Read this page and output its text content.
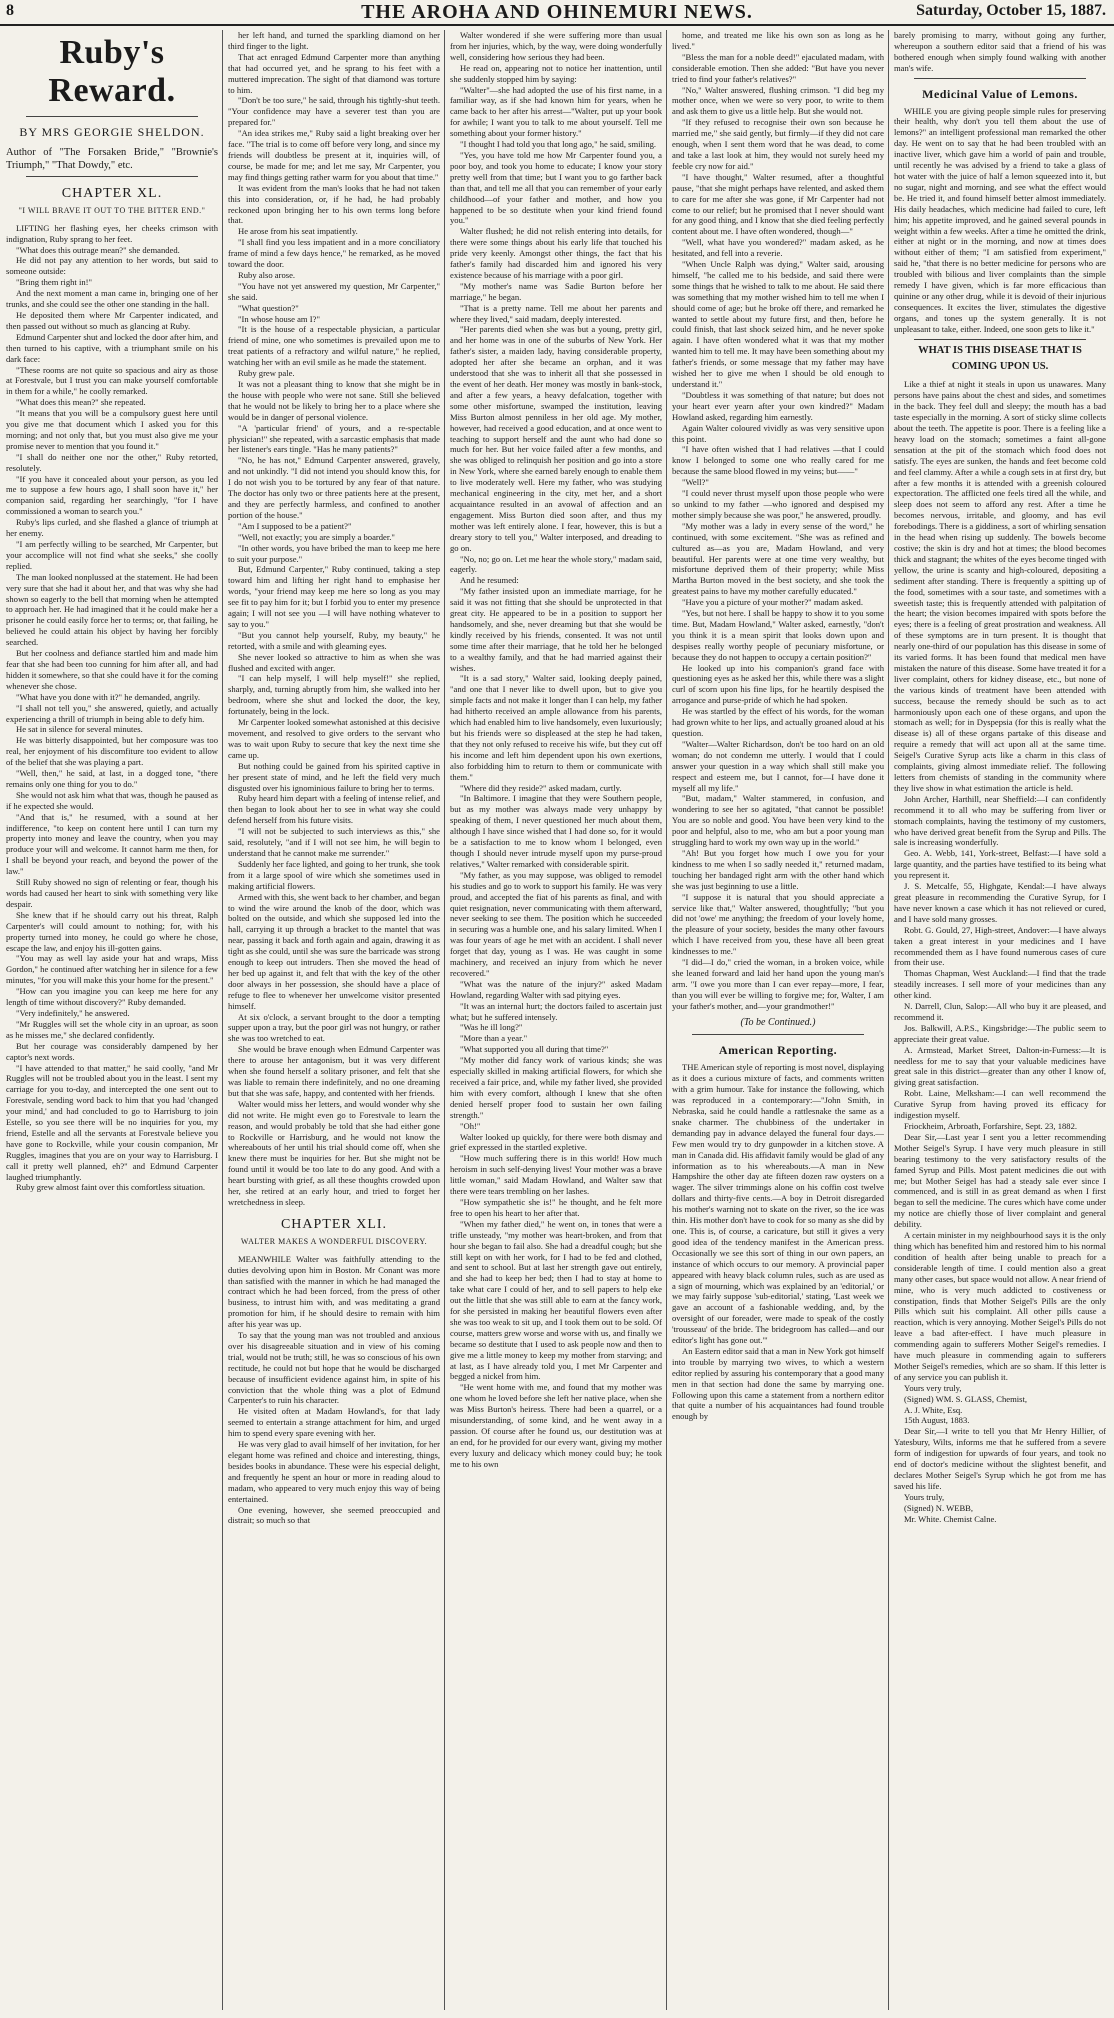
8	THE AROHA AND OHINEMURI NEWS.	Saturday, October 15, 1887.
Ruby's Reward.
BY MRS GEORGIE SHELDON.

Author of "The Forsaken Bride," "Brownie's Triumph," "That Dowdy," etc.

CHAPTER XL.
"I WILL BRAVE IT OUT TO THE BITTER END."

LIFTING her flashing eyes, her cheeks crimson with indignation, Ruby sprang to her feet.

"What does this outrage mean?" she demanded.

He did not pay any attention to her words, but said to someone outside:

"Bring them right in!"

And the next moment a man came in, bringing one of her trunks, and she could see the other one standing in the hall.

He deposited them where Mr Carpenter indicated, and then passed out without so much as glancing at Ruby.

Edmund Carpenter shut and locked the door after him, and then turned to his captive, with a triumphant smile on his dark face:

"These rooms are not quite so spacious and airy as those at Forestvale, but I trust you can make yourself comfortable in them for a while," he coolly remarked.

"What does this mean?" she repeated.

"It means that you will be a compulsory guest here until you give me that document which I asked you for this morning; and not only that, but you must also give me your promise never to mention that you found it."

"I shall do neither one nor the other," Ruby retorted, resolutely.

"If you have it concealed about your person, as you led me to suppose a few hours ago, I shall soon have it," her companion said, regarding her searchingly, "for I have commissioned a woman to search you."

Ruby's lips curled, and she flashed a glance of triumph at her enemy.

"I am perfectly willing to be searched, Mr Carpenter, but your accomplice will not find what she seeks," she coolly replied.

The man looked nonplussed at the statement. He had been very sure that she had it about her, and that was why she had shown so eagerly to the bell that morning when he attempted to approach her. He had imagined that it he could make her a prisoner he could easily force her to terms; or, that failing, he believed he could attain his object by having her forcibly searched.

But her coolness and defiance startled him and made him fear that she had been too cunning for him after all, and had hidden it somewhere, so that she could have it for the coming whenever she chose.

"What have you done with it?" he demanded, angrily.

"I shall not tell you," she answered, quietly, and actually experiencing a thrill of triumph in being able to defy him.

He sat in silence for several minutes.

He was bitterly disappointed, but her composure was too real, her enjoyment of his discomfiture too evident to allow of the belief that she was playing a part.

"Well, then," he said, at last, in a dogged tone, "there remains only one thing for you to do."

She would not ask him what that was, though he paused as if he expected she would.

"And that is," he resumed, with a sound at her indifference, "to keep on content here until I can turn my property into money and leave the country, when you may produce your will and welcome. It cannot harm me then, for I shall be beyond your reach, and beyond the power of the law."

Still Ruby showed no sign of relenting or fear, though his words had caused her heart to sink with something very like despair.

She knew that if he should carry out his threat, Ralph Carpenter's will could amount to nothing; for, with his property turned into money, he could go where he chose, escape the law, and enjoy his ill-gotten gains.

"You may as well lay aside your hat and wraps, Miss Gordon," he continued after watching her in silence for a few minutes, "for you will make this your home for the present."

"How can you imagine you can keep me here for any length of time without discovery?" Ruby demanded.

"Very indefinitely," he answered.

"Mr Ruggles will set the whole city in an uproar, as soon as he misses me," she declared confidently.

But her courage was considerably dampened by her captor's next words.

"I have attended to that matter," he said coolly, "and Mr Ruggles will not be troubled about you in the least. I sent my carriage for you to-day, and intercepted the one sent out to Forestvale, sending word back to him that you had 'changed your mind,' and had concluded to go to Harrisburg to join Estelle, so you see there will be no inquiries for you, my friend, Estelle and all the servants at Forestvale believe you have gone to Rockville, while your cousin companion, Mr Ruggles, imagines that you are on your way to Harrisburg. I call it pretty well planned, eh?" and Edmund Carpenter laughed triumphantly.

Ruby grew almost faint over this comfortless situation.

her left hand, and turned the sparkling diamond on her third finger to the light.

That act enraged Edmund Carpenter more than anything that had occurred yet, and he sprang to his feet with a muttered imprecation. The sight of that diamond was torture to him.

"Don't be too sure," he said, through his tightly-shut teeth. "Your confidence may have a severer test than you are prepared for."

"An idea strikes me," Ruby said a light breaking over her face. "The trial is to come off before very long, and since my friends will doubtless be present at it, inquiries will, of course, be made for me; and let me say, Mr Carpenter, you may find things getting rather warm for you about that time."

It was evident from the man's looks that he had not taken this into consideration, or, if he had, he had probably reckoned upon bringing her to his own terms long before that.

He arose from his seat impatiently.

"I shall find you less impatient and in a more conciliatory frame of mind a few days hence," he remarked, as he moved toward the door.

Ruby also arose.

"You have not yet answered my question, Mr Carpenter," she said.

"What question?"

"In whose house am I?"

"It is the house of a respectable physician, a particular friend of mine, one who sometimes is prevailed upon me to treat patients of a refractory and wilful nature," he replied, watching her with an evil smile as he made the statement.

Ruby grew pale.

It was not a pleasant thing to know that she might be in the house with people who were not sane. Still she believed that he would not be likely to bring her to a place where she would be in danger of personal violence.

"A 'particular friend' of yours, and a re-spectable physician!" she repeated, with a sarcastic emphasis that made her listener's ears tingle. "Has he many patients?"

"No, he has not," Edmund Carpenter answered, gravely, and not unkindly. "I did not intend you should know this, for I do not wish you to be tortured by any fear of that nature. The doctor has only two or three patients here at the present, and they are perfectly harmless, and confined to another portion of the house."

"Am I supposed to be a patient?"

"Well, not exactly; you are simply a boarder."

"In other words, you have bribed the man to keep me here to suit your purpose."

But, Edmund Carpenter," Ruby continued, taking a step toward him and lifting her right hand to emphasise her words, "your friend may keep me here so long as you may see fit to pay him for it; but I forbid you to enter my presence again; I will not see you —I will have nothing whatever to say to you."

"But you cannot help yourself, Ruby, my beauty," he retorted, with a smile and with gleaming eyes.

She never looked so attractive to him as when she was flushed and excited with anger.

"I can help myself, I will help myself!" she replied, sharply, and, turning abruptly from him, she walked into her bedroom, where she shut and locked the door, the key, fortunately, being in the lock.

Mr Carpenter looked somewhat astonished at this decisive movement, and resolved to give orders to the servant who was to wait upon Ruby to secure that key the next time she came up.

But nothing could be gained from his spirited captive in her present state of mind, and he left the field very much disgusted over his ignominious failure to bring her to terms.

Ruby heard him depart with a feeling of intense relief, and then began to look about her to see in what way she could defend herself from his future visits.

"I will not be subjected to such interviews as this," she said, resolutely, "and if I will not see him, he will begin to understand that he cannot make me surrender."

Suddenly her face lighted, and going to her trunk, she took from it a large spool of wire which she sometimes used in making artificial flowers.

Armed with this, she went back to her chamber, and began to wind the wire around the knob of the door, which was bolted on the outside, and which she supposed led into the hall, carrying it up through a bracket to the mantel that was near, passing it back and forth again and again, drawing it as tight as she could, until she was sure the barricade was strong enough to keep out intruders. Then she moved the head of her bed up against it, and felt that with the key of the other door always in her possession, she should have a place of refuge to flee to whenever her unwelcome visitor presented himself.

At six o'clock, a servant brought to the door a tempting supper upon a tray, but the poor girl was not hungry, or rather she was too wretched to eat.

She would be brave enough when Edmund Carpenter was there to arouse her antagonism, but it was very different when she found herself a solitary prisoner, and felt that she was liable to remain there indefinitely, and no one dreaming but that she was safe, happy, and contented with her friends.

Walter would miss her letters, and would wonder why she did not write. He might even go to Forestvale to learn the reason, and would probably be told that she had either gone to Rockville or Harrisburg, and he would not know the whereabouts of her until his trial should come off, when she knew there must be inquiries for her. But she might not be found until it would be too late to do any good. And with a heart bursting with grief, as all these thoughts crowded upon her, she retired at an early hour, and tried to forget her wretchedness in sleep.

CHAPTER XLI.
WALTER MAKES A WONDERFUL DISCOVERY.

MEANWHILE Walter was faithfully attending to the duties devolving upon him in Boston. Mr Conant was more than satisfied with the manner in which he had managed the contract which he had been forced, from the press of other business, to intrust him with, and was meditating a grand promotion for him, if he should desire to remain with him after his year was up.

To say that the young man was not troubled and anxious over his disagreeable situation and in view of his coming trial, would not be truth; still, he was so conscious of his own rectitude, he could not but hope that he would be discharged because of insufficient evidence against him, in spite of his conviction that the whole thing was a plot of Edmund Carpenter's to ruin his character.

He visited often at Madam Howland's, for that lady seemed to entertain a strange attachment for him, and urged him to spend every spare evening with her.

He was very glad to avail himself of her invitation, for her elegant home was refined and choice and interesting, things, besides books in abundance. These were his especial delight, and frequently he spent an hour or more in reading aloud to madam, who appeared to very much enjoy this way of being entertained.

One evening, however, she seemed preoccupied and distrait; so much so that

Walter wondered if she were suffering more than usual from her injuries, which, by the way, were doing wonderfully well, considering how serious they had been.

He read on, appearing not to notice her inattention, until she suddenly stopped him by saying:

"Walter"—she had adopted the use of his first name, in a familiar way, as if she had known him for years, when he came back to her after his arrest—"Walter, put up your book for awhile; I want you to talk to me about yourself. Tell me something about your former history."

"I thought I had told you that long ago," he said, smiling.

"Yes, you have told me how Mr Carpenter found you, a poor boy, and took you home to educate; I know your story pretty well from that time; but I want you to go farther back than that, and tell me all that you can remember of your early childhood—of your father and mother, and how you happened to be so destitute when your kind friend found you."

Walter flushed; he did not relish entering into details, for there were some things about his early life that touched his pride very keenly. Amongst other things, the fact that his father's family had discarded him and ignored his very existence because of his marriage with a poor girl.

"My mother's name was Sadie Burton before her marriage," he began.

"That is a pretty name. Tell me about her parents and where they lived," said madam, deeply interested.

"Her parents died when she was but a young, pretty girl, and her home was in one of the suburbs of New York. Her father's sister, a maiden lady, having considerable property, adopted her after she became an orphan, and it was understood that she was to inherit all that she possessed in the event of her death. Her money was mostly in bank-stock, and after a few years, a heavy defalcation, together with some other misfortune, swamped the institution, leaving Miss Burton almost penniless in her old age. My mother, however, had received a good education, and at once went to teaching to support herself and the aunt who had done so much for her. But her voice failed after a few months, and she was obliged to relinquish her position and go into a store in New York, where she earned barely enough to enable them to live moderately well. Here my father, who was studying mechanical engineering in the city, met her, and a short acquaintance resulted in an avowal of affection and an engagement. Miss Burton died soon after, and thus my mother was left entirely alone. I fear, however, this is but a dreary story to tell you," Walter interposed, and dreading to go on.

"No, no; go on. Let me hear the whole story," madam said, eagerly.

And he resumed:

"My father insisted upon an immediate marriage, for he said it was not fitting that she should be unprotected in that great city. He appeared to be in a position to support her handsomely, and she, never dreaming but that she would be kindly received by his friends, consented. It was not until some time after their marriage, that he told her he belonged to a wealthy family, and that he had married against their wishes.

"It is a sad story," Walter said, looking deeply pained, "and one that I never like to dwell upon, but to give you simple facts and not make it longer than I can help, my father had hitherto received an ample allowance from his parents, which had enabled him to live handsomely, even luxuriously; but his friends were so displeased at the step he had taken, that they not only refused to receive his wife, but they cut off his income and left him dependent upon his own exertions, also forbidding him to return to them or communicate with them."

"Where did they reside?" asked madam, curtly.

"In Baltimore. I imagine that they were Southern people, but as my mother was always made very unhappy by speaking of them, I never questioned her much about them, although I have since wished that I had done so, for it would be a satisfaction to me to know whom I belonged, even though I should never intrude myself upon my purse-proud relatives," Walter remarked with considerable spirit.

"My father, as you may suppose, was obliged to remodel his studies and go to work to support his family. He was very proud, and accepted the fiat of his parents as final, and with quiet resignation, never communicating with them afterward, never seeking to see them. The position which he succeeded in securing was a humble one, and his salary limited. When I was four years of age he met with an accident. I shall never forget that day, young as I was. He was caught in some machinery, and received an injury from which he never recovered."

"What was the nature of the injury?" asked Madam Howland, regarding Walter with sad pitying eyes.

"It was an internal hurt; the doctors failed to ascertain just what; but he suffered intensely.

"Was he ill long?"

"More than a year."

"What supported you all during that time?"

"My mother did fancy work of various kinds; she was especially skilled in making artificial flowers, for which she received a fair price, and, while my father lived, she provided him with every comfort, although I knew that she often denied herself proper food to sustain her own failing strength."

"Oh!"

Walter looked up quickly, for there were both dismay and grief expressed in the startled expletive.

"How much suffering there is in this world! How much heroism in such self-denying lives! Your mother was a brave little woman," said Madam Howland, and Walter saw that there were tears trembling on her lashes.

"How sympathetic she is!" he thought, and he felt more free to open his heart to her after that.

"When my father died," he went on, in tones that were a trifle unsteady, "my mother was heart-broken, and from that hour she began to fail also. She had a dreadful cough; but she still kept on with her work, for I had to be fed and clothed, and sent to school. But at last her strength gave out entirely, and she had to keep her bed; then I had to stay at home to take what care I could of her, and to sell papers to help eke out the little that she was still able to earn at the fancy work, for she persisted in making her beautiful flowers even after she was too weak to sit up, and I took them out to be sold. Of course, matters grew worse and worse with us, and finally we became so destitute that I used to ask people now and then to give me a little money to keep my mother from starving; and at last, as I have already told you, I met Mr Carpenter and begged a nickel from him.

"He went home with me, and found that my mother was one whom he loved before she left her native place, when she was Miss Burton's heiress. There had been a quarrel, or a misunderstanding, of some kind, and he went away in a passion. Of course after he found us, our destitution was at an end, for he provided for our every want, giving my mother every luxury and delicacy which money could buy; he took me to his own

home, and treated me like his own son as long as he lived."

"Bless the man for a noble deed!" ejaculated madam, with considerable emotion. Then she added: "But have you never tried to find your father's relatives?"

"No," Walter answered, flushing crimson. "I did beg my mother once, when we were so very poor, to write to them and ask them to give us a little help. But she would not.

"If they refused to recognise their own son because he married me," she said gently, but firmly—if they did not care enough, when I sent them word that he was dead, to come and take a last look at him, they would not surely heed my feeble cry now for aid."

"I have thought," Walter resumed, after a thoughtful pause, "that she might perhaps have relented, and asked them to care for me after she was gone, if Mr Carpenter had not come to our relief; but he promised that I never should want for any good thing, and I know that she died feeling perfectly content about me. I have often wondered, though—"

"Well, what have you wondered?" madam asked, as he hesitated, and fell into a reverie.

"When Uncle Ralph was dying," Walter said, arousing himself, "he called me to his bedside, and said there were some things that he wished to talk to me about. He said there was something that my mother wished him to tell me when I should come of age; but he broke off there, and remarked he wanted to settle about my future first, and then, before he could finish, that last shock seized him, and he never spoke again. I have often wondered what it was that my mother wanted him to tell me. It may have been something about my father's friends, or some message that my father may have wished her to give me when I should be old enough to understand it."

"Doubtless it was something of that nature; but does not your heart ever yearn after your own kindred?" Madam Howland asked, regarding him earnestly.

Again Walter coloured vividly as was very sensitive upon this point.

"I have often wished that I had relatives —that I could know I belonged to some one who really cared for me because the same blood flowed in my veins; but——"

"Well?"

"I could never thrust myself upon those people who were so unkind to my father —who ignored and despised my mother simply because she was poor," he answered, proudly.

"My mother was a lady in every sense of the word," he continued, with some excitement. "She was as refined and cultured as—as you are, Madam Howland, and very beautiful. Her parents were at one time very wealthy, but misfortune deprived them of their property; while Miss Martha Burton moved in the best society, and she took the greatest pains to have my mother carefully educated."

"Have you a picture of your mother?" madam asked.

"Yes, but not here. I shall be happy to show it to you some time. But, Madam Howland," Walter asked, earnestly, "don't you think it is a mean spirit that looks down upon and despises really worthy people of pecuniary misfortune, or because they do not happen to occupy a certain position?"

He looked up into his companion's grand face with questioning eyes as he asked her this, while there was a slight curl of scorn upon his fine lips, for he heartily despised the arrogance and purse-pride of which he had spoken.

He was startled by the effect of his words, for the woman had grown white to her lips, and actually groaned aloud at his question.

"Walter—Walter Richardson, don't be too hard on an old woman; do not condemn me utterly. I would that I could answer your question in a way which shall still make you respect and esteem me, but I cannot, for—I have done it myself all my life."

"But, madam," Walter stammered, in confusion, and wondering to see her so agitated, "that cannot be possible! You are so noble and good. You have been very kind to the poor and helpful, also to me, who am but a poor young man struggling hard to work my own way up in the world."

"Ah! But you forget how much I owe you for your kindness to me when I so sadly needed it," returned madam, touching her bandaged right arm with the other hand which she was just beginning to use a little.

"I suppose it is natural that you should appreciate a service like that," Walter answered, thoughtfully; "but you did not 'owe' me anything; the freedom of your lovely home, the pleasure of your society, besides the many other favours which I have received from you, these have all been great kindnesses to me."

"I did—I do," cried the woman, in a broken voice, while she leaned forward and laid her hand upon the young man's arm. "I owe you more than I can ever repay—more, I fear, than you will ever be willing to forgive me; for, Walter, I am your father's mother, and—your grandmother!"

(To be Continued.)
American Reporting.

THE American style of reporting is most novel, displaying as it does a curious mixture of facts, and comments written with a grim humour. Take for instance the following, which was reproduced in a contemporary:—"John Smith, in Nebraska, said he could handle a rattlesnake the same as a snake charmer. The chubbiness of the undertaker in demanding pay in advance delayed the funeral four days.—Few men would try to dry gunpowder in a kitchen stove. A man in Canada did. His affidavit family would be glad of any information as to his whereabouts.—A man in New Hampshire the other day ate fifteen dozen raw oysters on a wager. The silver trimmings alone on his coffin cost twelve dollars and thirty-five cents.—A boy in Detroit disregarded his mother's warning not to skate on the river, so the ice was thin. His mother don't have to cook for so many as she did by one. This is, of course, a caricature, but still it gives a very good idea of the tendency manifest in the American press. Occasionally we see this sort of thing in our own papers, an instance of which occurs to our memory. A provincial paper appeared with heavy black column rules, such as are used as a sign of mourning, which was explained by an 'editorial,' or we may fairly suppose 'sub-editorial,' stating, 'Last week we gave an account of a fashionable wedding, and, by the oversight of our foreader, were made to speak of the costly 'trousseau' of the bride. The bridegroom has called—and our editor's light has gone out.'"

An Eastern editor said that a man in New York got himself into trouble by marrying two wives, to which a western editor replied by assuring his contemporary that a good many men in that section had done the same by marrying one. Following upon this came a statement from a northern editor that quite a number of his acquaintances had found trouble enough by

barely promising to marry, without going any further, whereupon a southern editor said that a friend of his was bothered enough when simply found walking with another man's wife.

Medicinal Value of Lemons.

WHILE you are giving people simple rules for preserving their health, why don't you tell them about the use of lemons?" an intelligent professional man remarked the other day. He went on to say that he had been troubled with an inactive liver, which gave him a world of pain and trouble, until recently he was advised by a friend to take a glass of hot water with the juice of half a lemon squeezed into it, but no sugar, night and morning, and see what the effect would be. He tried it, and found himself better almost immediately. His daily headaches, which medicine had failed to cure, left him; his appetite improved, and he gained several pounds in weight within a few weeks. After a time he omitted the drink, either at night or in the morning, and now at times does without either of them; "I am satisfied from experiment," said he, "that there is no better medicine for persons who are troubled with bilious and liver complaints than the simple remedy I have given, which is far more efficacious than quinine or any other drug, while it is devoid of their injurious consequences. It excites the liver, stimulates the digestive organs, and tones up the system generally. It is not unpleasant to take, either. Indeed, one soon gets to like it."

WHAT IS THIS DISEASE THAT IS
COMING UPON US.

Like a thief at night it steals in upon us unawares. Many persons have pains about the chest and sides, and sometimes in the back. They feel dull and sleepy; the mouth has a bad taste especially in the morning. A sort of sticky slime collects about the teeth. The appetite is poor. There is a feeling like a heavy load on the stomach; sometimes a faint all-gone sensation at the pit of the stomach which food does not satisfy. The eyes are sunken, the hands and feet become cold and feel clammy. After a while a cough sets in at first dry, but after a few months it is attended with a greenish coloured expectoration. The afflicted one feels tired all the while, and sleep does not seem to afford any rest. After a time he becomes nervous, irritable, and gloomy, and has evil forebodings. There is a giddiness, a sort of whirling sensation in the head when rising up suddenly. The bowels become costive; the skin is dry and hot at times; the blood becomes thick and stagnant; the whites of the eyes become tinged with yellow, the urine is scanty and high-coloured, depositing a sediment after standing. There is frequently a spitting up of the food, sometimes with a sour taste, and sometimes with a sweetish taste; this is frequently attended with palpitation of the heart; the vision becomes impaired with spots before the eyes; there is a feeling of great prostration and weakness. All of these symptoms are in turn present. It is thought that nearly one-third of our population has this disease in some of its varied forms. It has been found that medical men have mistaken the nature of this disease. Some have treated it for a liver complaint, others for kidney disease, etc., but none of the various kinds of treatment have been attended with success, because the remedy should be such as to act harmoniously upon each one of these organs, and upon the stomach as well; for in Dyspepsia (for this is really what the disease is) all of these organs partake of this disease and require a remedy that will act upon all at the same time. Seigel's Curative Syrup acts like a charm in this class of complaints, giving almost immediate relief. The following letters from chemists of standing in the community where they live show in what estimation the article is held.

John Archer, Harthill, near Sheffield:—I can confidently recommend it to all who may be suffering from liver or stomach complaints, having the testimony of my customers, who have derived great benefit from the Syrup and Pills. The sale is increasing wonderfully.

Geo. A. Webb, 141, York-street, Belfast:—I have sold a large quantity, and the parties have testified to its being what you represent it.

J. S. Metcalfe, 55, Highgate, Kendal:—I have always great pleasure in recommending the Curative Syrup, for I have never known a case which it has not relieved or cured, and I have sold many grosses.

Robt. G. Gould, 27, High-street, Andover:—I have always taken a great interest in your medicines and I have recommended them as I have found numerous cases of cure from their use.

Thomas Chapman, West Auckland:—I find that the trade steadily increases. I sell more of your medicines than any other kind.

N. Darrell, Clun, Salop:—All who buy it are pleased, and recommend it.

Jos. Balkwill, A.P.S., Kingsbridge:—The public seem to appreciate their great value.

A. Armstead, Market Street, Dalton-in-Furness:—It is needless for me to say that your valuable medicines have great sale in this district—greater than any other I know of, giving great satisfaction.

Robt. Laine, Melksham:—I can well recommend the Curative Syrup from having proved its efficacy for indigestion myself.

Friockheim, Arbroath, Forfarshire, Sept. 23, 1882.

Dear Sir,—Last year I sent you a letter recommending Mother Seigel's Syrup. I have very much pleasure in still bearing testimony to the very satisfactory results of the famed Syrup and Pills. Most patent medicines die out with me; but Mother Seigel has had a steady sale ever since I commenced, and is still in as great demand as when I first began to sell the medicine. The cures which have come under my notice are chiefly those of liver complaint and general debility.

A certain minister in my neighbourhood says it is the only thing which has benefited him and restored him to his normal condition of health after being unable to preach for a considerable length of time. I could mention also a great many other cases, but space would not allow. A near friend of mine, who is very much addicted to costiveness or constipation, finds that Mother Seigel's Pills are the only Pills which suit his complaint. All other pills cause a reaction, which is very annoying. Mother Seigel's Pills do not leave a bad after-effect. I have much pleasure in commending again to sufferers Mother Seigel's remedies. I have much pleasure in commending again to sufferers Mother Seigel's remedies, which are so sham. If this letter is of any service you can publish it.

Yours very truly,

(Signed) WM. S. GLASS, Chemist,

A. J. White, Esq.

15th August, 1883.

Dear Sir,—I write to tell you that Mr Henry Hillier, of Yatesbury, Wilts, informs me that he suffered from a severe form of indigestion for upwards of four years, and took no end of doctor's medicine without the slightest benefit, and declares Mother Seigel's Syrup which he got from me has saved his life.

Yours truly,

(Signed) N. WEBB,

Mr. White. Chemist Calne.
